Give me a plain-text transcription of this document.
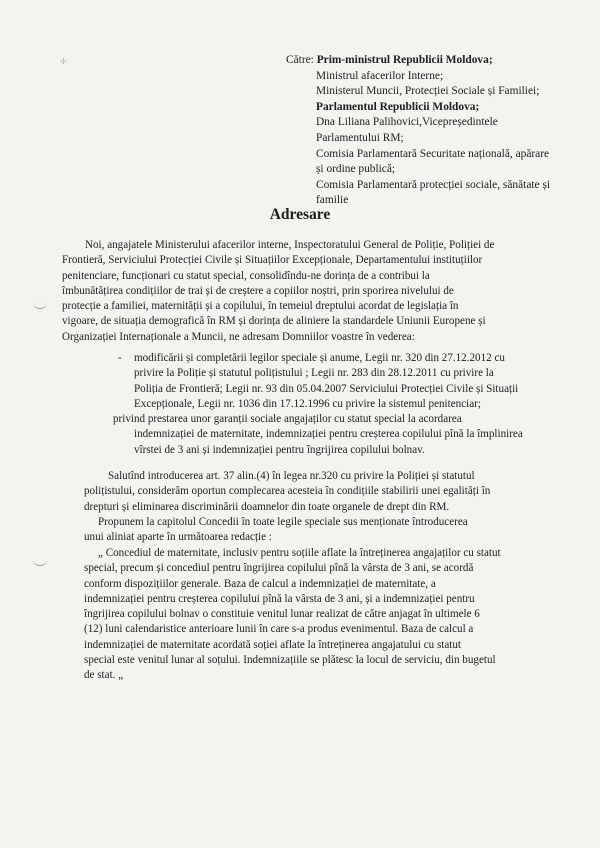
✢	Către: Prim-ministrul Republicii Moldova;
Ministrul afacerilor Interne;
Ministerul Muncii, Protecției Sociale și Familiei;
Parlamentul Republicii Moldova;
Dna Liliana Palihovici,Vicepreședintele
Parlamentului RM;
Comisia Parlamentară Securitate națională, apărare
și ordine publică;
Comisia Parlamentară protecției sociale, sănătate și
familie
Adresare
Noi, angajatele Ministerului afacerilor interne, Inspectoratului General de Poliție, Poliției de
Frontieră, Serviciului Protecției Civile și Situațiilor Excepționale, Departamentului instituțiilor
penitenciare, funcționari cu statut special, consolidîndu-ne dorința de a contribui la
îmbunătățirea condițiilor de trai și de creștere a copiilor noștri, prin sporirea nivelului de
protecție a familiei, maternității și a copilului, în temeiul dreptului acordat de legislația în
vigoare, de situația demografică în RM și dorința de aliniere la standardele Uniunii Europene și
Organizației Internaționale a Muncii, ne adresam Domniilor voastre în vederea:
- modificării și completării legilor speciale și anume, Legii nr. 320 din 27.12.2012 cu
privire la Poliție și statutul polițistului ; Legii nr. 283 din 28.12.2011 cu privire la
Poliția de Frontieră; Legii nr. 93 din 05.04.2007 Serviciului Protecției Civile și Situații
Excepționale, Legii nr. 1036 din 17.12.1996 cu privire la sistemul penitenciar;
privind prestarea unor garanții sociale angajaților cu statut special la acordarea
indemnizației de maternitate, indemnizației pentru creșterea copilului pînă la împlinirea
vîrstei de 3 ani și indemnizației pentru îngrijirea copilului bolnav.
Salutînd introducerea art. 37 alin.(4) în legea nr.320 cu privire la Poliției și statutul
polițistului, considerăm oportun complecarea acesteia în condițiile stabilirii unei egalități în
drepturi și eliminarea discriminării doamnelor din toate organele de drept din RM.
Propunem la capitolul Concedii în toate legile speciale sus menționate întroducerea
unui aliniat aparte în următoarea redacție :
„ Concediul de maternitate, inclusiv pentru soțiile aflate la întreținerea angajaților cu statut
special, precum și concediul pentru îngrijirea copilului pînă la vârsta de 3 ani, se acordă
conform dispozițiilor generale. Baza de calcul a indemnizației de maternitate, a
indemnizației pentru creșterea copilului pînă la vârsta de 3 ani, și a indemnizației pentru
îngrijirea copilului bolnav o constituie venitul lunar realizat de către anjagat în ultimele 6
(12) luni calendaristice anterioare lunii în care s-a produs evenimentul. Baza de calcul a
indemnizației de maternitate acordată soției aflate la întreținerea angajatului cu statut
special este venitul lunar al soțului. Indemnizațiile se plătesc la locul de serviciu, din bugetul
de stat. „
